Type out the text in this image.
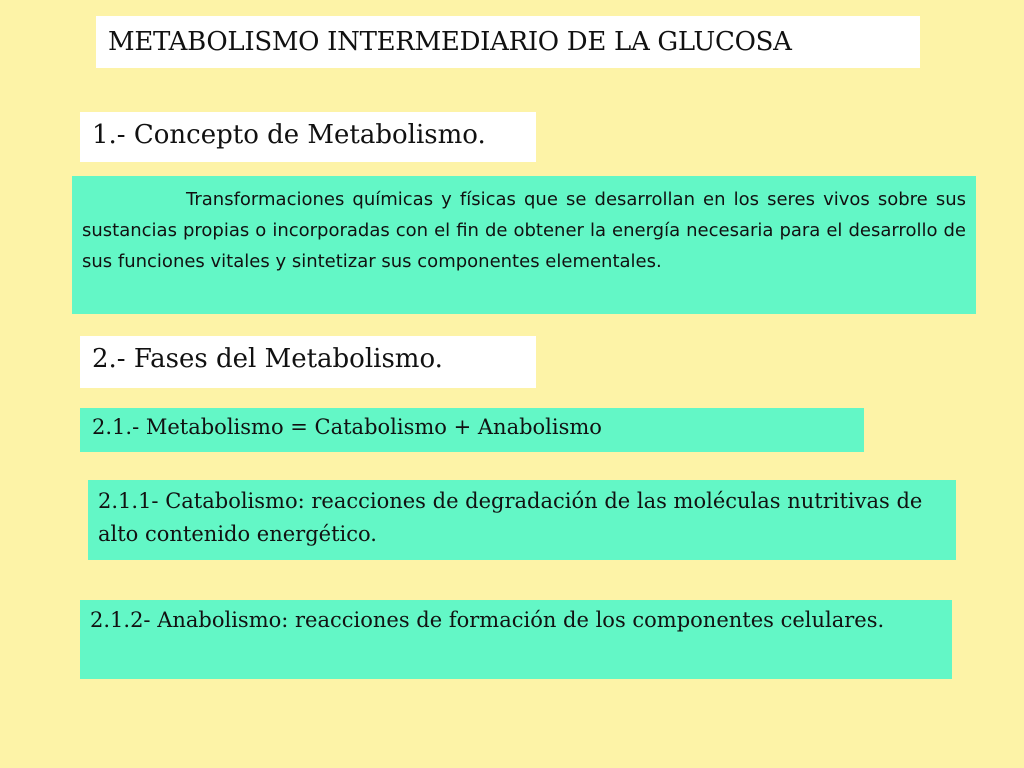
METABOLISMO INTERMEDIARIO DE LA GLUCOSA
1.- Concepto de Metabolismo.
Transformaciones químicas y físicas que se desarrollan en los seres vivos sobre sus sustancias propias o incorporadas con el fin de obtener la energía necesaria para el desarrollo de sus funciones vitales y sintetizar sus componentes elementales.
2.- Fases del Metabolismo.
2.1.- Metabolismo = Catabolismo + Anabolismo
2.1.1- Catabolismo: reacciones de degradación de las moléculas nutritivas de alto contenido energético.
2.1.2- Anabolismo: reacciones de formación de los componentes celulares.
